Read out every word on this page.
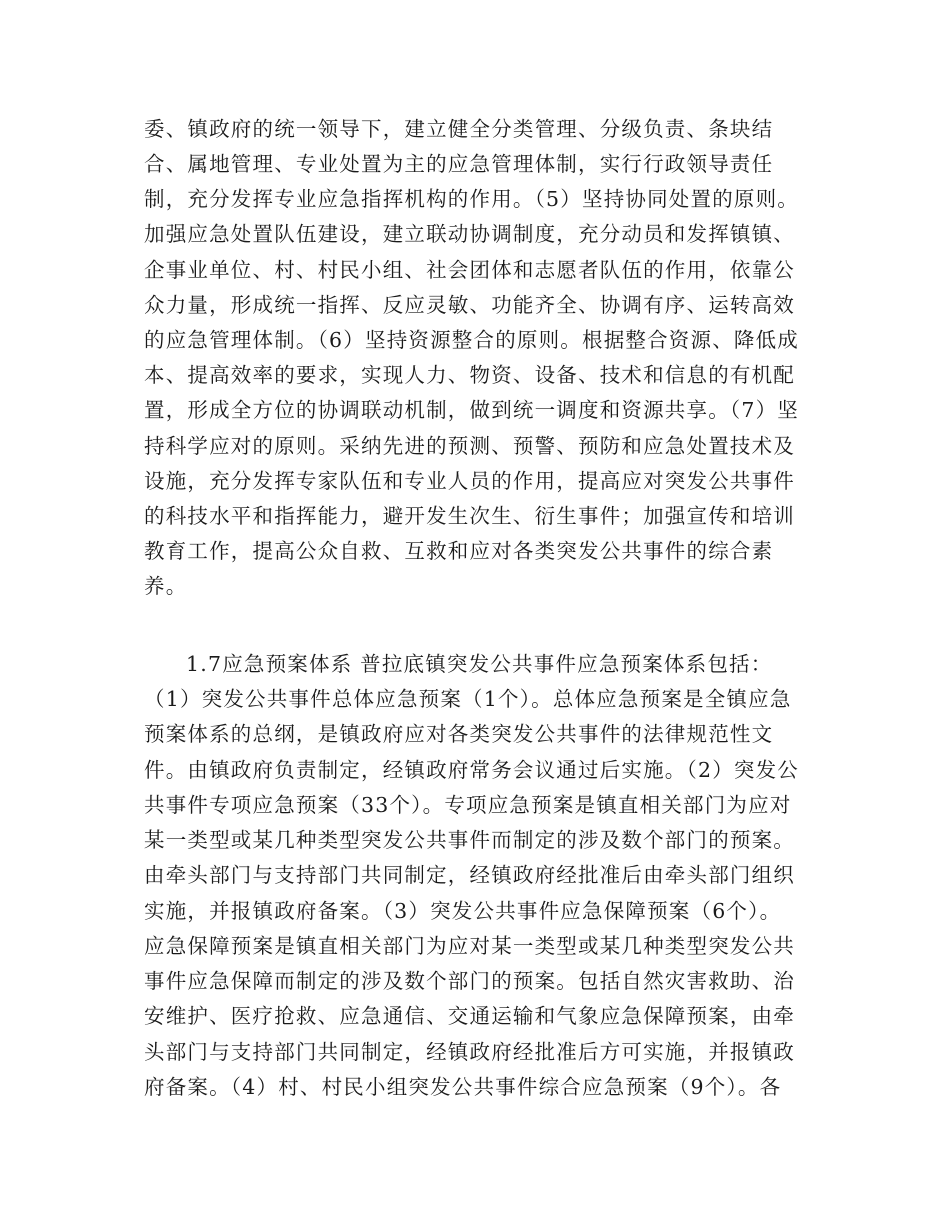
委、镇政府的统一领导下，建立健全分类管理、分级负责、条块结
合、属地管理、专业处置为主的应急管理体制，实行行政领导责任
制，充分发挥专业应急指挥机构的作用。（5）坚持协同处置的原则。
加强应急处置队伍建设，建立联动协调制度，充分动员和发挥镇镇、
企事业单位、村、村民小组、社会团体和志愿者队伍的作用，依靠公
众力量，形成统一指挥、反应灵敏、功能齐全、协调有序、运转高效
的应急管理体制。（6）坚持资源整合的原则。根据整合资源、降低成
本、提高效率的要求，实现人力、物资、设备、技术和信息的有机配
置，形成全方位的协调联动机制，做到统一调度和资源共享。（7）坚
持科学应对的原则。采纳先进的预测、预警、预防和应急处置技术及
设施，充分发挥专家队伍和专业人员的作用，提高应对突发公共事件
的科技水平和指挥能力，避开发生次生、衍生事件；加强宣传和培训
教育工作，提高公众自救、互救和应对各类突发公共事件的综合素
养。
1.7应急预案体系 普拉底镇突发公共事件应急预案体系包括：
（1）突发公共事件总体应急预案（1个）。总体应急预案是全镇应急
预案体系的总纲，是镇政府应对各类突发公共事件的法律规范性文
件。由镇政府负责制定，经镇政府常务会议通过后实施。（2）突发公
共事件专项应急预案（33个）。专项应急预案是镇直相关部门为应对
某一类型或某几种类型突发公共事件而制定的涉及数个部门的预案。
由牵头部门与支持部门共同制定，经镇政府经批准后由牵头部门组织
实施，并报镇政府备案。（3）突发公共事件应急保障预案（6个）。
应急保障预案是镇直相关部门为应对某一类型或某几种类型突发公共
事件应急保障而制定的涉及数个部门的预案。包括自然灾害救助、治
安维护、医疗抢救、应急通信、交通运输和气象应急保障预案，由牵
头部门与支持部门共同制定，经镇政府经批准后方可实施，并报镇政
府备案。（4）村、村民小组突发公共事件综合应急预案（9个）。各
